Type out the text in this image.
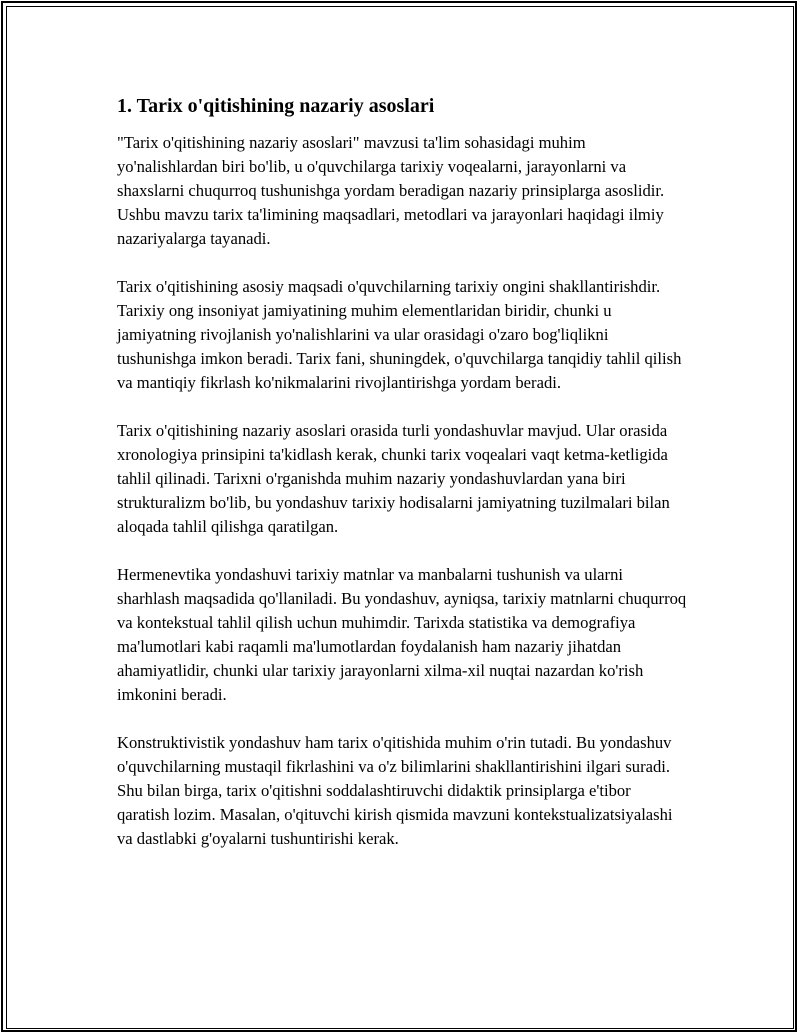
1. Tarix o'qitishining nazariy asoslari

"Tarix o'qitishining nazariy asoslari" mavzusi ta'lim sohasidagi muhim yo'nalishlardan biri bo'lib, u o'quvchilarga tarixiy voqealarni, jarayonlarni va shaxslarni chuqurroq tushunishga yordam beradigan nazariy prinsiplarga asoslidir. Ushbu mavzu tarix ta'limining maqsadlari, metodlari va jarayonlari haqidagi ilmiy nazariyalarga tayanadi.

Tarix o'qitishining asosiy maqsadi o'quvchilarning tarixiy ongini shakllantirishdir. Tarixiy ong insoniyat jamiyatining muhim elementlaridan biridir, chunki u jamiyatning rivojlanish yo'nalishlarini va ular orasidagi o'zaro bog'liqlikni tushunishga imkon beradi. Tarix fani, shuningdek, o'quvchilarga tanqidiy tahlil qilish va mantiqiy fikrlash ko'nikmalarini rivojlantirishga yordam beradi.

Tarix o'qitishining nazariy asoslari orasida turli yondashuvlar mavjud. Ular orasida xronologiya prinsipini ta'kidlash kerak, chunki tarix voqealari vaqt ketma-ketligida tahlil qilinadi. Tarixni o'rganishda muhim nazariy yondashuvlardan yana biri strukturalizm bo'lib, bu yondashuv tarixiy hodisalarni jamiyatning tuzilmalari bilan aloqada tahlil qilishga qaratilgan.

Hermenevtika yondashuvi tarixiy matnlar va manbalarni tushunish va ularni sharhlash maqsadida qo'llaniladi. Bu yondashuv, ayniqsa, tarixiy matnlarni chuqurroq va kontekstual tahlil qilish uchun muhimdir. Tarixda statistika va demografiya ma'lumotlari kabi raqamli ma'lumotlardan foydalanish ham nazariy jihatdan ahamiyatlidir, chunki ular tarixiy jarayonlarni xilma-xil nuqtai nazardan ko'rish imkonini beradi.

Konstruktivistik yondashuv ham tarix o'qitishida muhim o'rin tutadi. Bu yondashuv o'quvchilarning mustaqil fikrlashini va o'z bilimlarini shakllantirishini ilgari suradi. Shu bilan birga, tarix o'qitishni soddalashtiruvchi didaktik prinsiplarga e'tibor qaratish lozim. Masalan, o'qituvchi kirish qismida mavzuni kontekstualizatsiyalashi va dastlabki g'oyalarni tushuntirishi kerak.
